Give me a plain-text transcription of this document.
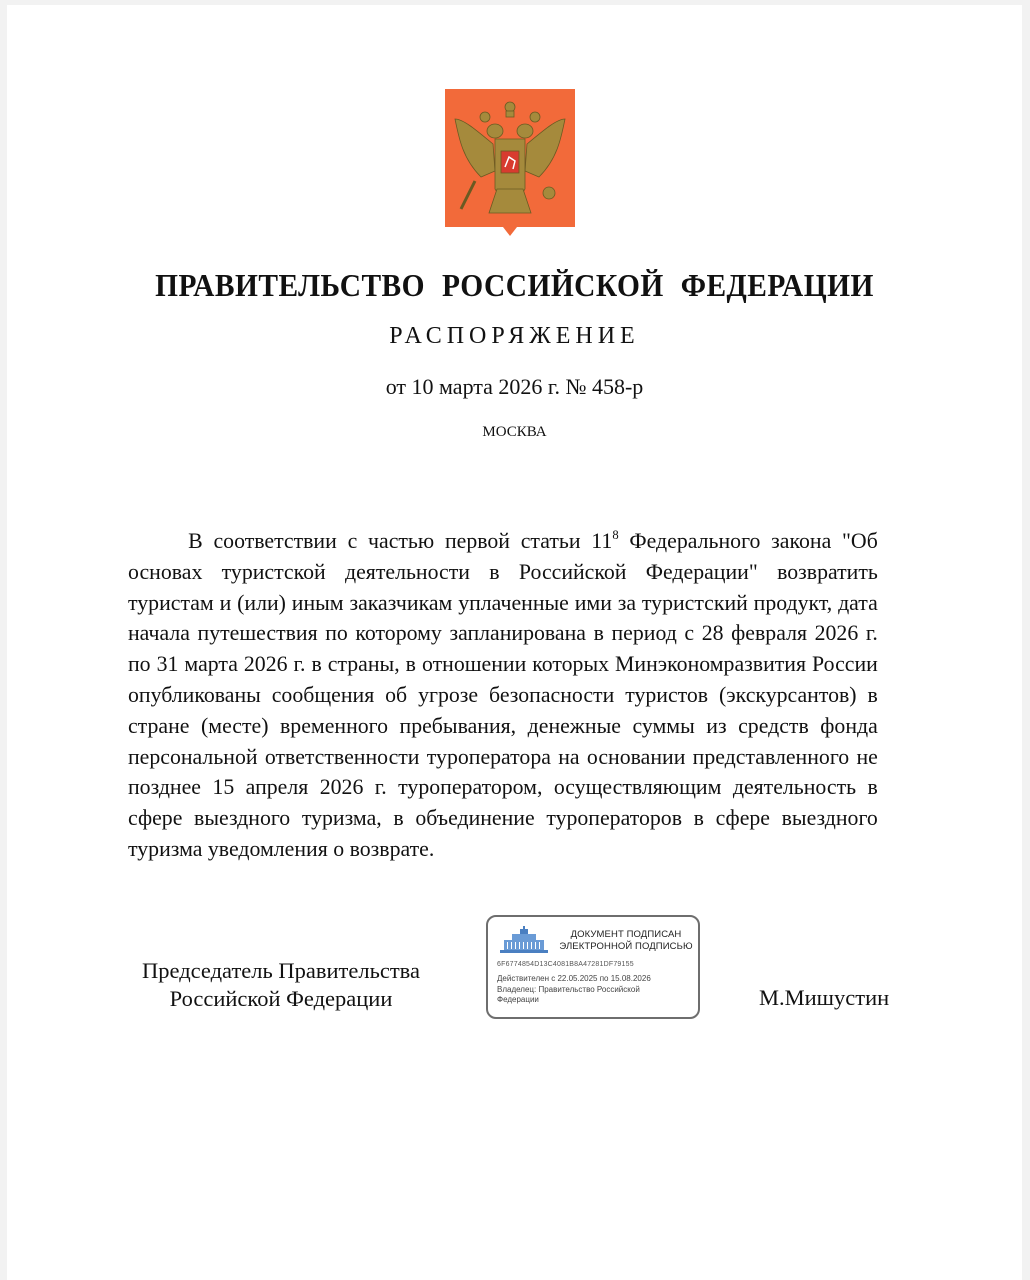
ПРАВИТЕЛЬСТВО РОССИЙСКОЙ ФЕДЕРАЦИИ
РАСПОРЯЖЕНИЕ
от 10 марта 2026 г. № 458-р
МОСКВА
В соответствии с частью первой статьи $11^8$ Федерального закона "Об основах туристской деятельности в Российской Федерации" возвратить туристам и (или) иным заказчикам уплаченные ими за туристский продукт, дата начала путешествия по которому запланирована в период с 28 февраля 2026 г. по 31 марта 2026 г. в страны, в отношении которых Минэкономразвития России опубликованы сообщения об угрозе безопасности туристов (экскурсантов) в стране (месте) временного пребывания, денежные суммы из средств фонда персональной ответственности туроператора на основании представленного не позднее 15 апреля 2026 г. туроператором, осуществляющим деятельность в сфере выездного туризма, в объединение туроператоров в сфере выездного туризма уведомления о возврате.
Председатель Правительства
Российской Федерации
ДОКУМЕНТ ПОДПИСАН
ЭЛЕКТРОННОЙ ПОДПИСЬЮ
6F6774854D13C4081B8A47281DF79155
Действителен с 22.05.2025 по 15.08.2026
Владелец: Правительство Российской
Федерации	М.Мишустин
